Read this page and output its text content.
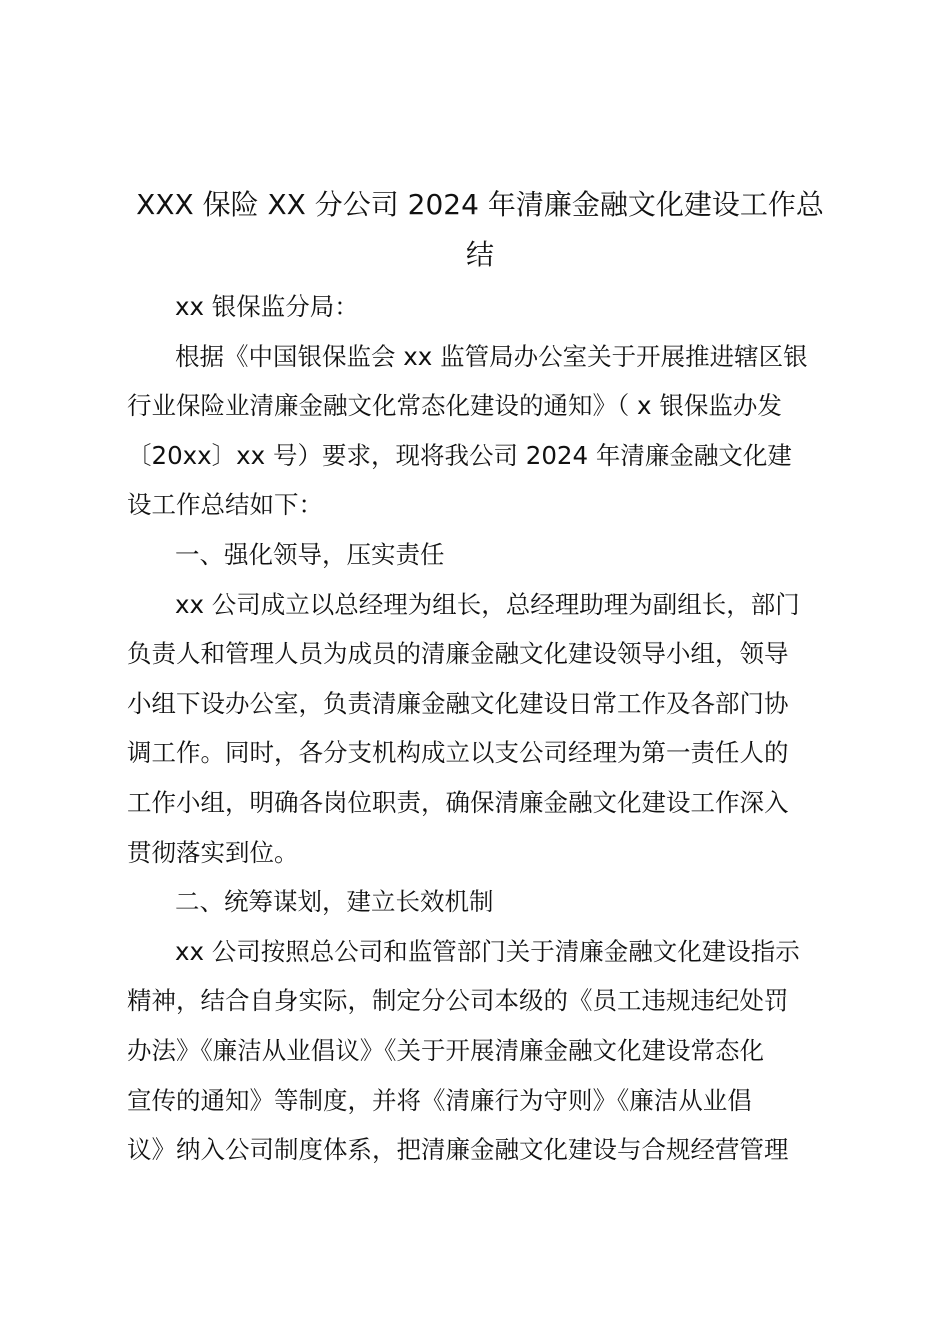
XXX 保险 XX 分公司 2024 年清廉金融文化建设工作总
结
xx 银保监分局：
根据《中国银保监会 xx 监管局办公室关于开展推进辖区银
行业保险业清廉金融文化常态化建设的通知》（ x 银保监办发
〔20xx〕xx 号）要求，现将我公司 2024 年清廉金融文化建
设工作总结如下：
一、强化领导，压实责任
xx 公司成立以总经理为组长，总经理助理为副组长，部门
负责人和管理人员为成员的清廉金融文化建设领导小组，领导
小组下设办公室，负责清廉金融文化建设日常工作及各部门协
调工作。同时，各分支机构成立以支公司经理为第一责任人的
工作小组，明确各岗位职责，确保清廉金融文化建设工作深入
贯彻落实到位。
二、统筹谋划，建立长效机制
xx 公司按照总公司和监管部门关于清廉金融文化建设指示
精神，结合自身实际，制定分公司本级的《员工违规违纪处罚
办法》《廉洁从业倡议》《关于开展清廉金融文化建设常态化
宣传的通知》等制度，并将《清廉行为守则》《廉洁从业倡
议》纳入公司制度体系，把清廉金融文化建设与合规经营管理
